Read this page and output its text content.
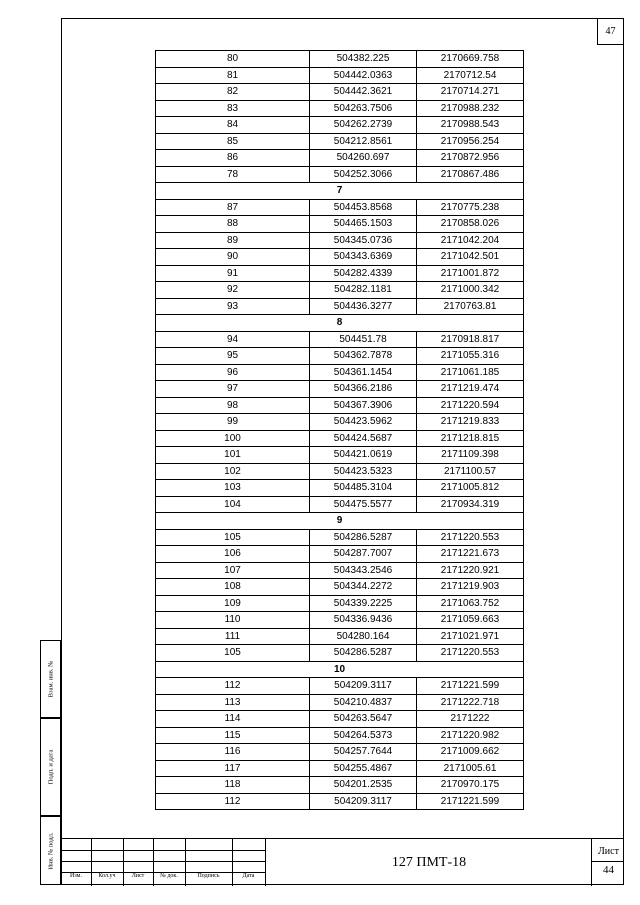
47
Взам. инв. №
Подп. и дата
Инв. № подл.
80	504382.225	2170669.758
81	504442.0363	2170712.54
82	504442.3621	2170714.271
83	504263.7506	2170988.232
84	504262.2739	2170988.543
85	504212.8561	2170956.254
86	504260.697	2170872.956
78	504252.3066	2170867.486
7		
87	504453.8568	2170775.238
88	504465.1503	2170858.026
89	504345.0736	2171042.204
90	504343.6369	2171042.501
91	504282.4339	2171001.872
92	504282.1181	2171000.342
93	504436.3277	2170763.81
8		
94	504451.78	2170918.817
95	504362.7878	2171055.316
96	504361.1454	2171061.185
97	504366.2186	2171219.474
98	504367.3906	2171220.594
99	504423.5962	2171219.833
100	504424.5687	2171218.815
101	504421.0619	2171109.398
102	504423.5323	2171100.57
103	504485.3104	2171005.812
104	504475.5577	2170934.319
9		
105	504286.5287	2171220.553
106	504287.7007	2171221.673
107	504343.2546	2171220.921
108	504344.2272	2171219.903
109	504339.2225	2171063.752
110	504336.9436	2171059.663
111	504280.164	2171021.971
105	504286.5287	2171220.553
10		
112	504209.3117	2171221.599
113	504210.4837	2171222.718
114	504263.5647	2171222
115	504264.5373	2171220.982
116	504257.7644	2171009.662
117	504255.4867	2171005.61
118	504201.2535	2170970.175
112	504209.3117	2171221.599
Изм.	Кол.уч	Лист	№ док.	Подпись	Дата
127 ПМТ-18
Лист
44
